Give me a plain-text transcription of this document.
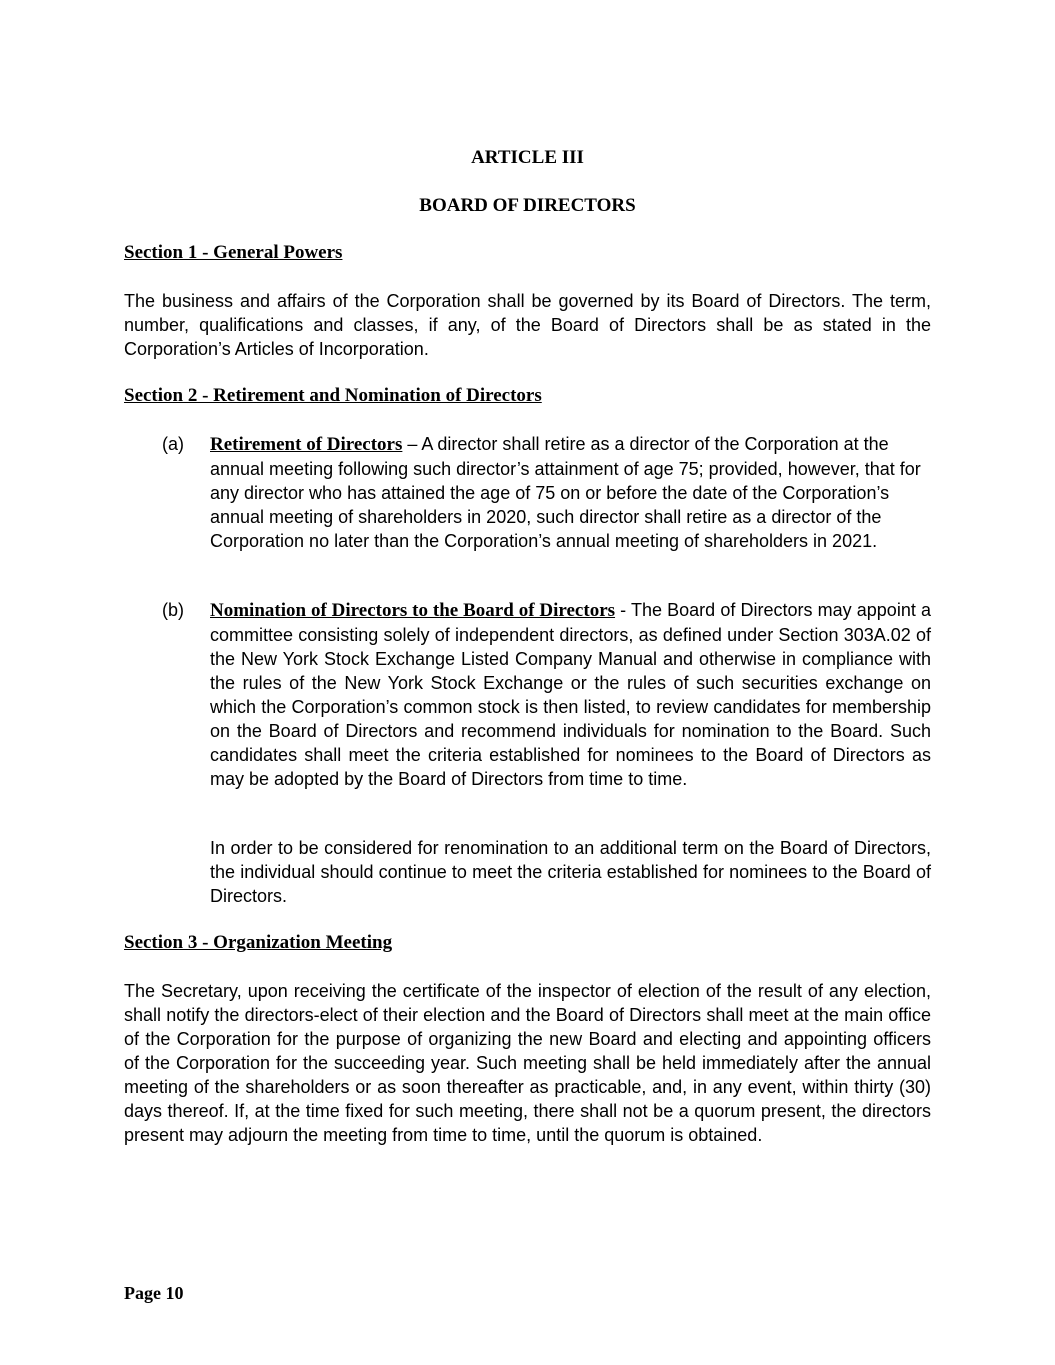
ARTICLE III
BOARD OF DIRECTORS
Section 1 - General Powers
The business and affairs of the Corporation shall be governed by its Board of Directors. The term, number, qualifications and classes, if any, of the Board of Directors shall be as stated in the Corporation’s Articles of Incorporation.
Section 2 - Retirement and Nomination of Directors
(a) Retirement of Directors – A director shall retire as a director of the Corporation at the annual meeting following such director’s attainment of age 75; provided, however, that for any director who has attained the age of 75 on or before the date of the Corporation’s annual meeting of shareholders in 2020, such director shall retire as a director of the Corporation no later than the Corporation’s annual meeting of shareholders in 2021.
(b) Nomination of Directors to the Board of Directors - The Board of Directors may appoint a committee consisting solely of independent directors, as defined under Section 303A.02 of the New York Stock Exchange Listed Company Manual and otherwise in compliance with the rules of the New York Stock Exchange or the rules of such securities exchange on which the Corporation’s common stock is then listed, to review candidates for membership on the Board of Directors and recommend individuals for nomination to the Board. Such candidates shall meet the criteria established for nominees to the Board of Directors as may be adopted by the Board of Directors from time to time.
In order to be considered for renomination to an additional term on the Board of Directors, the individual should continue to meet the criteria established for nominees to the Board of Directors.
Section 3 - Organization Meeting
The Secretary, upon receiving the certificate of the inspector of election of the result of any election, shall notify the directors-elect of their election and the Board of Directors shall meet at the main office of the Corporation for the purpose of organizing the new Board and electing and appointing officers of the Corporation for the succeeding year. Such meeting shall be held immediately after the annual meeting of the shareholders or as soon thereafter as practicable, and, in any event, within thirty (30) days thereof. If, at the time fixed for such meeting, there shall not be a quorum present, the directors present may adjourn the meeting from time to time, until the quorum is obtained.
Page 10
